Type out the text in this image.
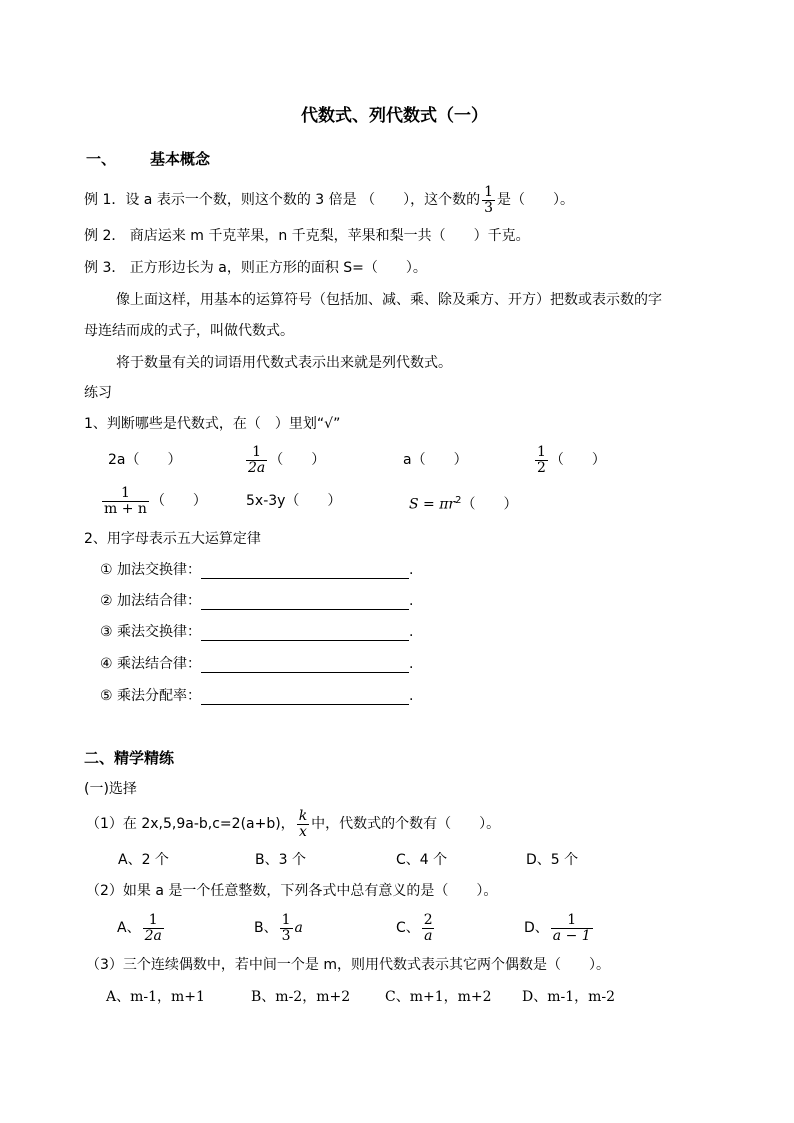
代数式、列代数式（一）
一、 基本概念
例 1．设 a 表示一个数，则这个数的 3 倍是 （　　），这个数的 $\frac{1}{3}$ 是（　　）。
例 2． 商店运来 m 千克苹果，n 千克梨，苹果和梨一共（　　）千克。
例 3． 正方形边长为 a，则正方形的面积 S=（　　）。
像上面这样，用基本的运算符号（包括加、减、乘、除及乘方、开方）把数或表示数的字
母连结而成的式子，叫做代数式。
将于数量有关的词语用代数式表示出来就是列代数式。
练习
1、判断哪些是代数式，在（　）里划“√”
2a（　　）	$\frac{1}{2a}$ （　　）	a（　　）	$\frac{1}{2}$ （　　）
$\frac{1}{m + n}$ （　　）	5x-3y（　　）	$S = \pi r^2$（　　）
2、用字母表示五大运算定律
① 加法交换律：	.
② 加法结合律：	.
③ 乘法交换律：	.
④ 乘法结合律：	.
⑤ 乘法分配率：	.
二、精学精练
(一)选择
（1）在 2x,5,9a-b,c=2(a+b)， $\frac{k}{x}$ 中，代数式的个数有（　　）。
A、2 个	B、3 个	C、4 个	D、5 个
（2）如果 a 是一个任意整数，下列各式中总有意义的是（　　）。
A、 $\frac{1}{2a}$	B、 $\frac{1}{3}$ a	C、 $\frac{2}{a}$	D、 $\frac{1}{a - 1}$
（3）三个连续偶数中，若中间一个是 m，则用代数式表示其它两个偶数是（　　）。
A、m-1，m+1	B、m-2，m+2 C、m+1，m+2 D、m-1，m-2
